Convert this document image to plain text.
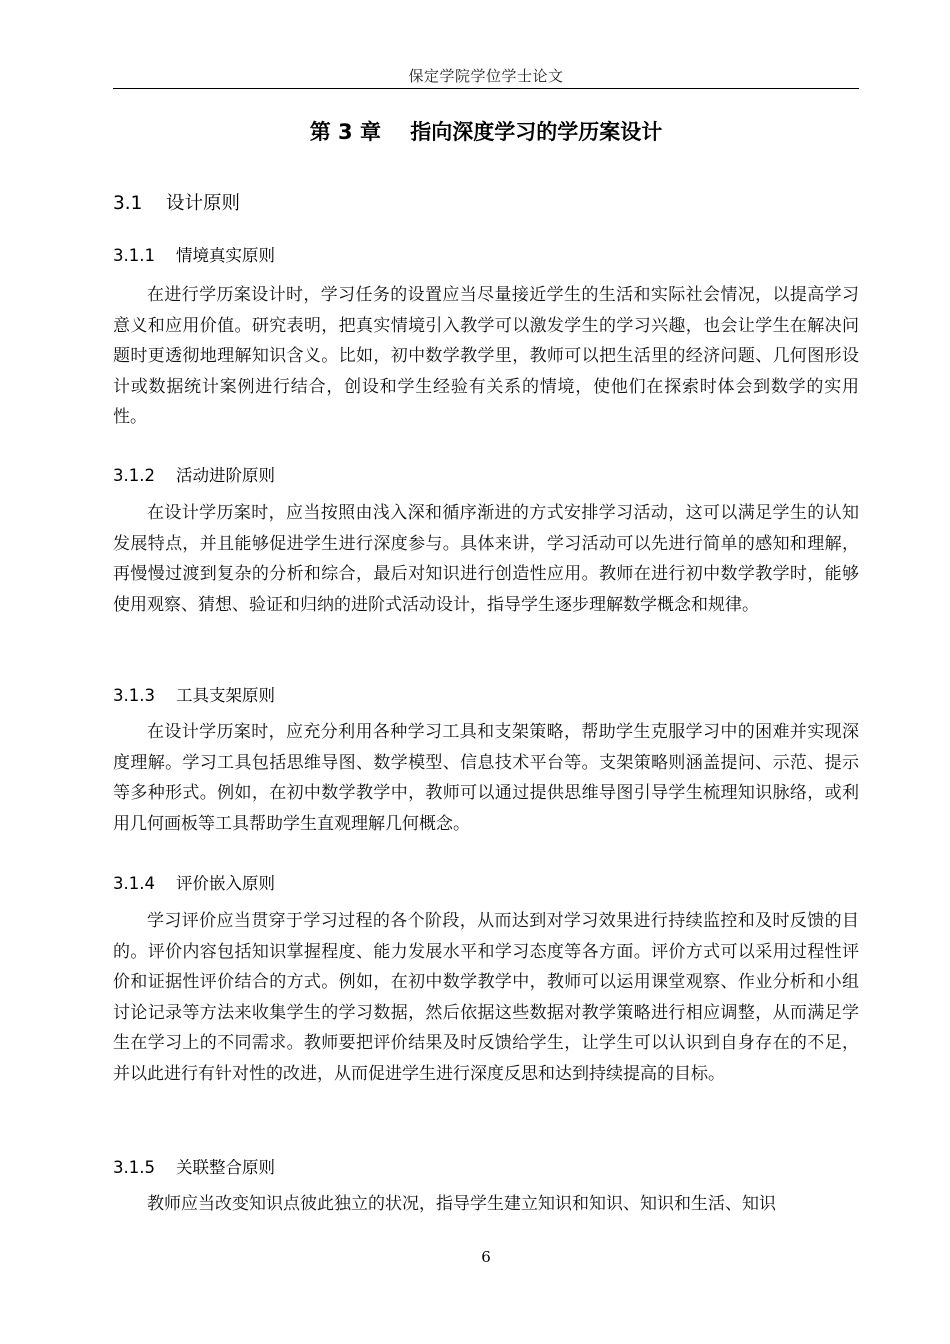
保定学院学位学士论文
第 3 章    指向深度学习的学历案设计
3.1    设计原则
3.1.1    情境真实原则

在进行学历案设计时，学习任务的设置应当尽量接近学生的生活和实际社会情况，以提高学习意义和应用价值。研究表明，把真实情境引入教学可以激发学生的学习兴趣，也会让学生在解决问题时更透彻地理解知识含义。比如，初中数学教学里，教师可以把生活里的经济问题、几何图形设计或数据统计案例进行结合，创设和学生经验有关系的情境，使他们在探索时体会到数学的实用性。

3.1.2    活动进阶原则

在设计学历案时，应当按照由浅入深和循序渐进的方式安排学习活动，这可以满足学生的认知发展特点，并且能够促进学生进行深度参与。具体来讲，学习活动可以先进行简单的感知和理解，再慢慢过渡到复杂的分析和综合，最后对知识进行创造性应用。教师在进行初中数学教学时，能够使用观察、猜想、验证和归纳的进阶式活动设计，指导学生逐步理解数学概念和规律。

3.1.3    工具支架原则

在设计学历案时，应充分利用各种学习工具和支架策略，帮助学生克服学习中的困难并实现深度理解。学习工具包括思维导图、数学模型、信息技术平台等。支架策略则涵盖提问、示范、提示等多种形式。例如，在初中数学教学中，教师可以通过提供思维导图引导学生梳理知识脉络，或利用几何画板等工具帮助学生直观理解几何概念。

3.1.4    评价嵌入原则

学习评价应当贯穿于学习过程的各个阶段，从而达到对学习效果进行持续监控和及时反馈的目的。评价内容包括知识掌握程度、能力发展水平和学习态度等各方面。评价方式可以采用过程性评价和证据性评价结合的方式。例如，在初中数学教学中，教师可以运用课堂观察、作业分析和小组讨论记录等方法来收集学生的学习数据，然后依据这些数据对教学策略进行相应调整，从而满足学生在学习上的不同需求。教师要把评价结果及时反馈给学生，让学生可以认识到自身存在的不足，并以此进行有针对性的改进，从而促进学生进行深度反思和达到持续提高的目标。

3.1.5    关联整合原则

教师应当改变知识点彼此独立的状况，指导学生建立知识和知识、知识和生活、知识

6
